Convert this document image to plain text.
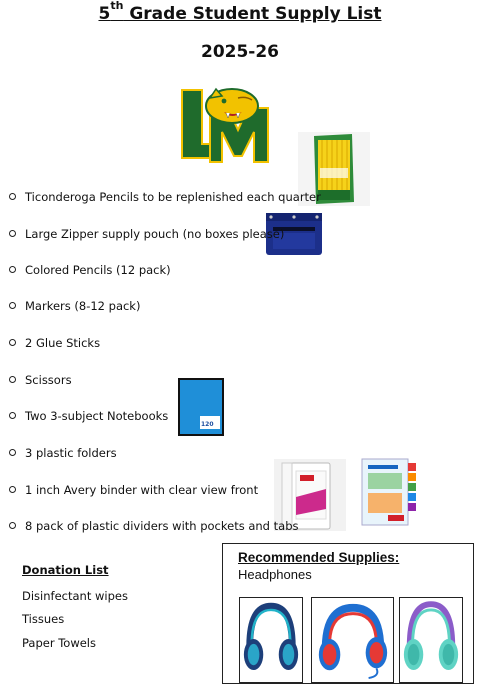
5th Grade Student Supply List
2025-26
120
Ticonderoga Pencils to be replenished each quarter
Large Zipper supply pouch (no boxes please)
Colored Pencils (12 pack)
Markers (8-12 pack)
2 Glue Sticks
Scissors
Two 3-subject Notebooks
3 plastic folders
1 inch Avery binder with clear view front
8 pack of plastic dividers with pockets and tabs
Donation List
Disinfectant wipes
Tissues
Paper Towels
Recommended Supplies:
Headphones
